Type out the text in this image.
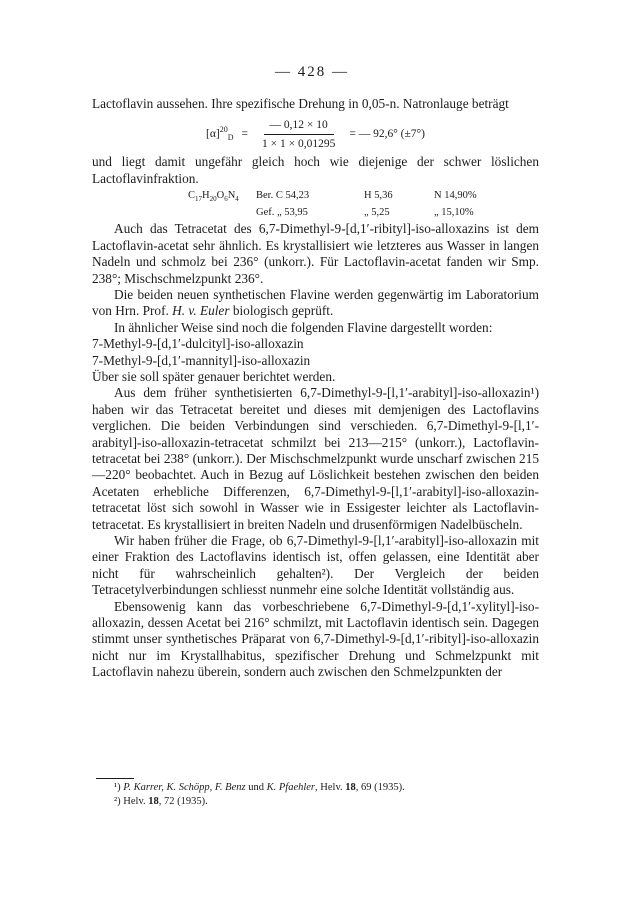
— 428 —

Lactoflavin aussehen. Ihre spezifische Drehung in 0,05-n. Natronlauge beträgt

$[\alpha]^{20}_D = \frac{— 0,12 \times 10}{1 \times 1 \times 0,01295}$ = — 92,6° (±7°)

und liegt damit ungefähr gleich hoch wie diejenige der schwer löslichen Lactoflavinfraktion.

$C_{17}H_{20}O_6N_4$	Ber. C 54,23	H 5,36	N 14,90%
Gef. „ 53,95	„ 5,25	„ 15,10%

Auch das Tetracetat des 6,7-Dimethyl-9-[d,1′-ribityl]-iso-alloxazins ist dem Lactoflavin-acetat sehr ähnlich. Es krystallisiert wie letzteres aus Wasser in langen Nadeln und schmolz bei 236° (unkorr.). Für Lactoflavin-acetat fanden wir Smp. 238°; Mischschmelzpunkt 236°.

Die beiden neuen synthetischen Flavine werden gegenwärtig im Laboratorium von Hrn. Prof. H. v. Euler biologisch geprüft.

In ähnlicher Weise sind noch die folgenden Flavine dargestellt worden:

7-Methyl-9-[d,1′-dulcityl]-iso-alloxazin

7-Methyl-9-[d,1′-mannityl]-iso-alloxazin

Über sie soll später genauer berichtet werden.

Aus dem früher synthetisierten 6,7-Dimethyl-9-[l,1′-arabityl]-iso-alloxazin¹) haben wir das Tetracetat bereitet und dieses mit demjenigen des Lactoflavins verglichen. Die beiden Verbindungen sind verschieden. 6,7-Dimethyl-9-[l,1′-arabityl]-iso-alloxazin-tetracetat schmilzt bei 213—215° (unkorr.), Lactoflavin-tetracetat bei 238° (unkorr.). Der Mischschmelzpunkt wurde unscharf zwischen 215—220° beobachtet. Auch in Bezug auf Löslichkeit bestehen zwischen den beiden Acetaten erhebliche Differenzen, 6,7-Dimethyl-9-[l,1′-arabityl]-iso-alloxazin-tetracetat löst sich sowohl in Wasser wie in Essigester leichter als Lactoflavin-tetracetat. Es krystallisiert in breiten Nadeln und drusenförmigen Nadelbüscheln.

Wir haben früher die Frage, ob 6,7-Dimethyl-9-[l,1′-arabityl]-iso-alloxazin mit einer Fraktion des Lactoflavins identisch ist, offen gelassen, eine Identität aber nicht für wahrscheinlich gehalten²). Der Vergleich der beiden Tetracetylverbindungen schliesst nunmehr eine solche Identität vollständig aus.

Ebensowenig kann das vorbeschriebene 6,7-Dimethyl-9-[d,1′-xylityl]-iso-alloxazin, dessen Acetat bei 216° schmilzt, mit Lactoflavin identisch sein. Dagegen stimmt unser synthetisches Präparat von 6,7-Dimethyl-9-[d,1′-ribityl]-iso-alloxazin nicht nur im Krystallhabitus, spezifischer Drehung und Schmelzpunkt mit Lactoflavin nahezu überein, sondern auch zwischen den Schmelzpunkten der

¹) P. Karrer, K. Schöpp, F. Benz und K. Pfaehler, Helv. 18, 69 (1935).
²) Helv. 18, 72 (1935).
